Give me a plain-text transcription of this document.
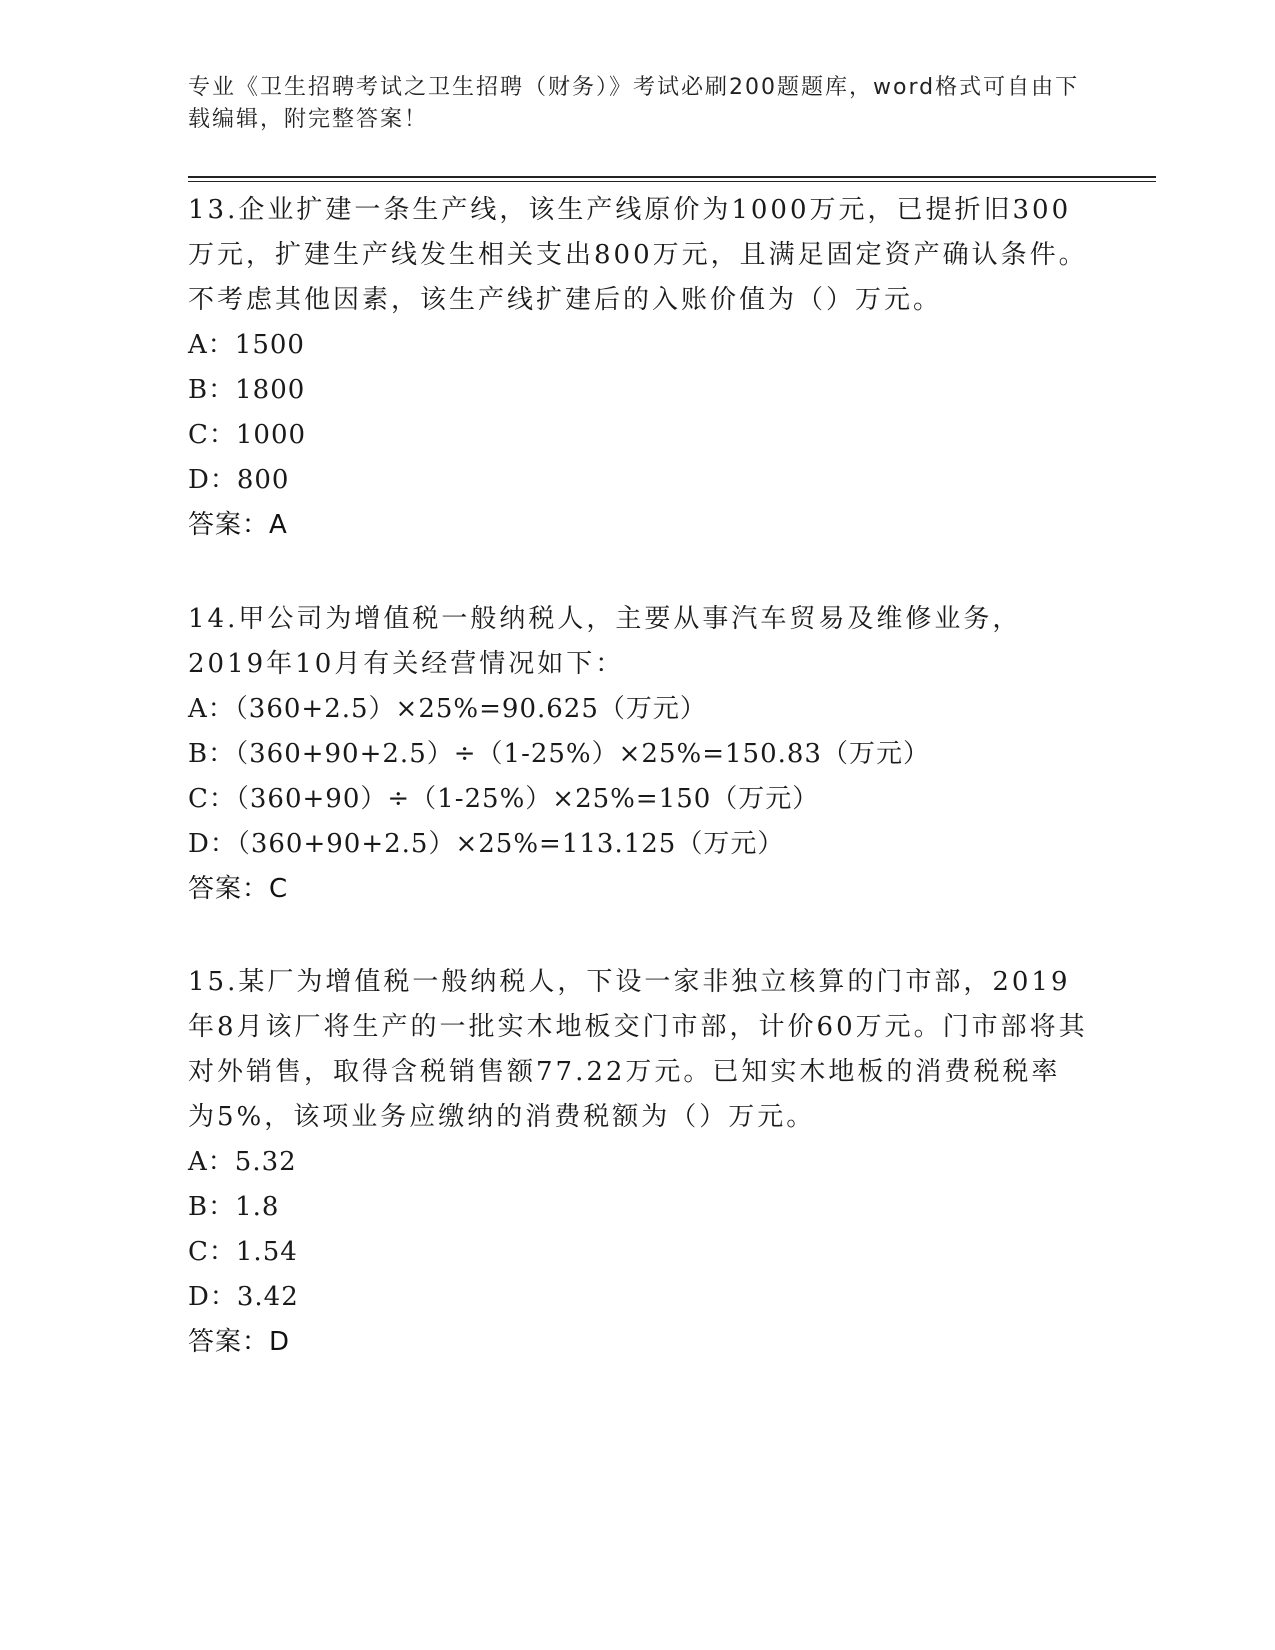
专业《卫生招聘考试之卫生招聘（财务）》考试必刷200题题库，word格式可自由下载编辑，附完整答案！

13.企业扩建一条生产线，该生产线原价为1000万元，已提折旧300万元，扩建生产线发生相关支出800万元，且满足固定资产确认条件。不考虑其他因素，该生产线扩建后的入账价值为（）万元。

A：1500
B：1800
C：1000
D：800
答案：A

14.甲公司为增值税一般纳税人，主要从事汽车贸易及维修业务，2019年10月有关经营情况如下：

A：（360+2.5）×25%=90.625（万元）
B：（360+90+2.5）÷（1-25%）×25%=150.83（万元）
C：（360+90）÷（1-25%）×25%=150（万元）
D：（360+90+2.5）×25%=113.125（万元）
答案：C

15.某厂为增值税一般纳税人，下设一家非独立核算的门市部，2019年8月该厂将生产的一批实木地板交门市部，计价60万元。门市部将其对外销售，取得含税销售额77.22万元。已知实木地板的消费税税率为5%，该项业务应缴纳的消费税额为（）万元。

A：5.32
B：1.8
C：1.54
D：3.42
答案：D
